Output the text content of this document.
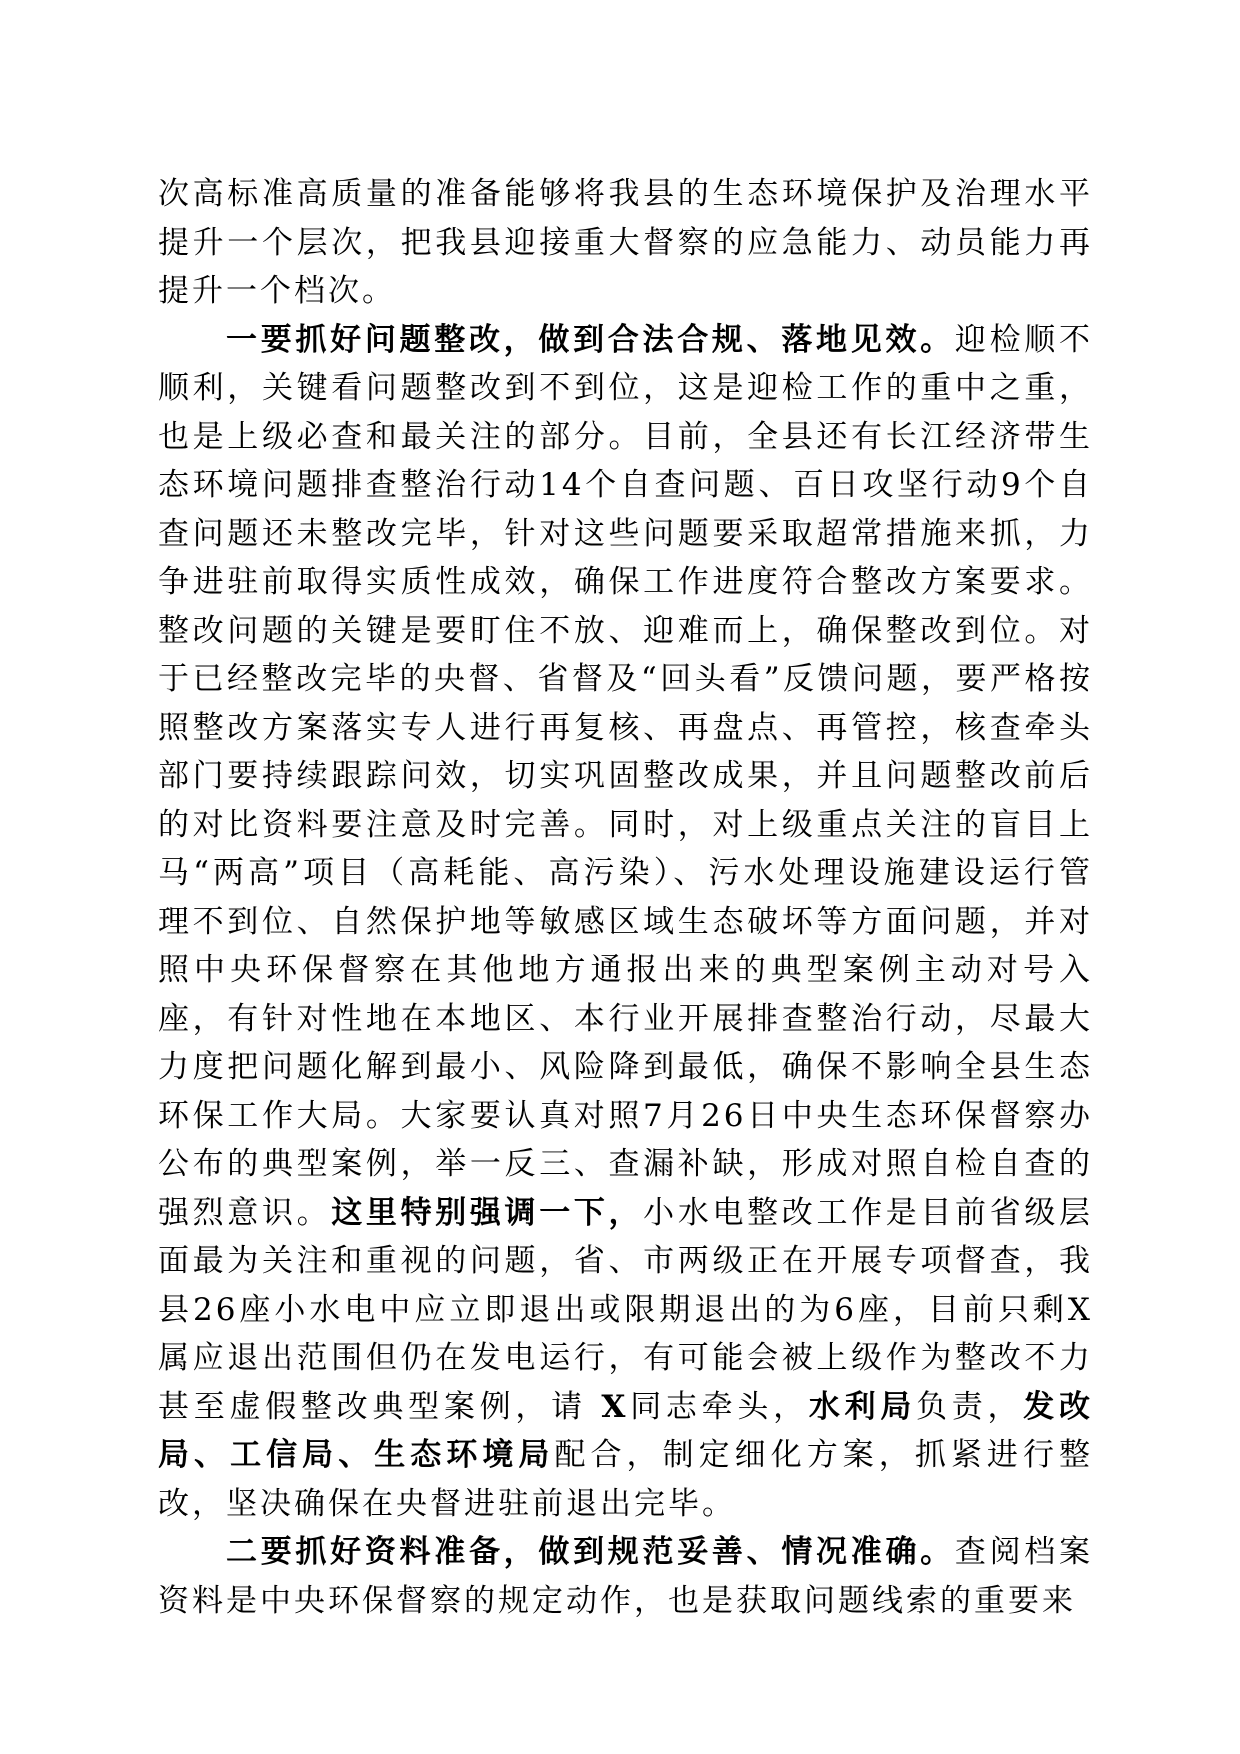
次高标准高质量的准备能够将我县的生态环境保护及治理水平提升一个层次，把我县迎接重大督察的应急能力、动员能力再提升一个档次。

一要抓好问题整改，做到合法合规、落地见效。迎检顺不顺利，关键看问题整改到不到位，这是迎检工作的重中之重，也是上级必查和最关注的部分。目前，全县还有长江经济带生态环境问题排查整治行动14个自查问题、百日攻坚行动9个自查问题还未整改完毕，针对这些问题要采取超常措施来抓，力争进驻前取得实质性成效，确保工作进度符合整改方案要求。整改问题的关键是要盯住不放、迎难而上，确保整改到位。对于已经整改完毕的央督、省督及“回头看”反馈问题，要严格按照整改方案落实专人进行再复核、再盘点、再管控，核查牵头部门要持续跟踪问效，切实巩固整改成果，并且问题整改前后的对比资料要注意及时完善。同时，对上级重点关注的盲目上马“两高”项目（高耗能、高污染）、污水处理设施建设运行管理不到位、自然保护地等敏感区域生态破坏等方面问题，并对照中央环保督察在其他地方通报出来的典型案例主动对号入座，有针对性地在本地区、本行业开展排查整治行动，尽最大力度把问题化解到最小、风险降到最低，确保不影响全县生态环保工作大局。大家要认真对照7月26日中央生态环保督察办公布的典型案例，举一反三、查漏补缺，形成对照自检自查的强烈意识。这里特别强调一下，小水电整改工作是目前省级层面最为关注和重视的问题，省、市两级正在开展专项督查，我县26座小水电中应立即退出或限期退出的为6座，目前只剩X属应退出范围但仍在发电运行，有可能会被上级作为整改不力甚至虚假整改典型案例，请 X同志牵头，水利局负责，发改局、工信局、生态环境局配合，制定细化方案，抓紧进行整改，坚决确保在央督进驻前退出完毕。

二要抓好资料准备，做到规范妥善、情况准确。查阅档案资料是中央环保督察的规定动作，也是获取问题线索的重要来
